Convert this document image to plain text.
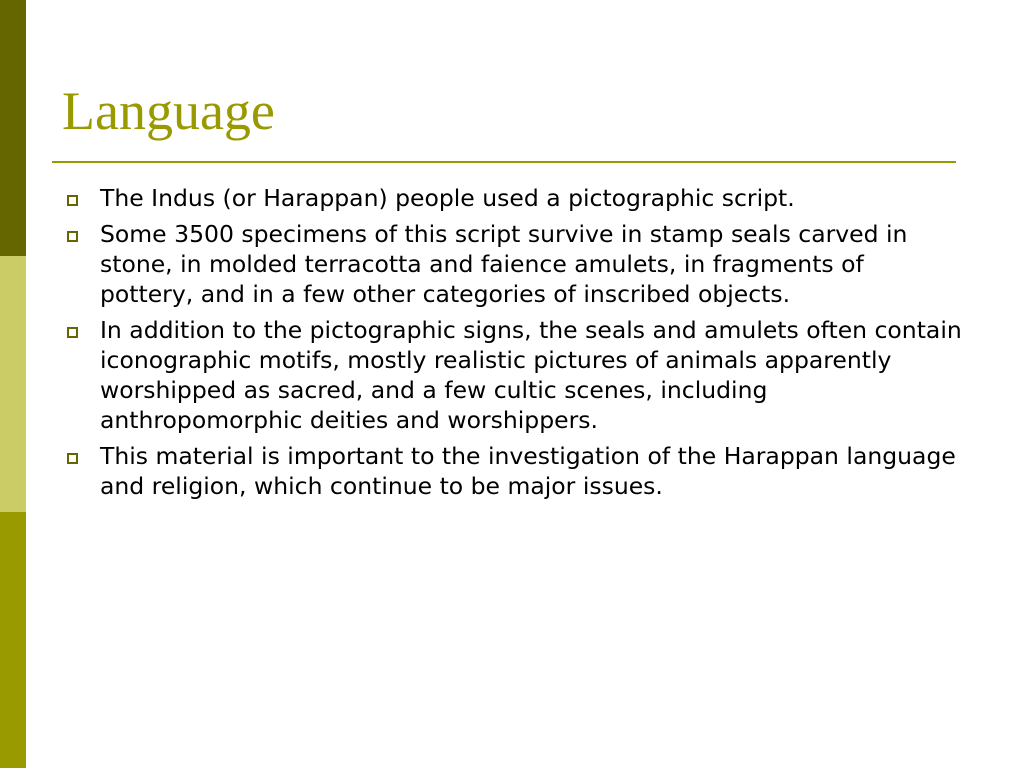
Language
The Indus (or Harappan) people used a pictographic script.
Some 3500 specimens of this script survive in stamp seals carved in stone, in molded terracotta and faience amulets, in fragments of pottery, and in a few other categories of inscribed objects.
In addition to the pictographic signs, the seals and amulets often contain iconographic motifs, mostly realistic pictures of animals apparently worshipped as sacred, and a few cultic scenes, including anthropomorphic deities and worshippers.
This material is important to the investigation of the Harappan language and religion, which continue to be major issues.
